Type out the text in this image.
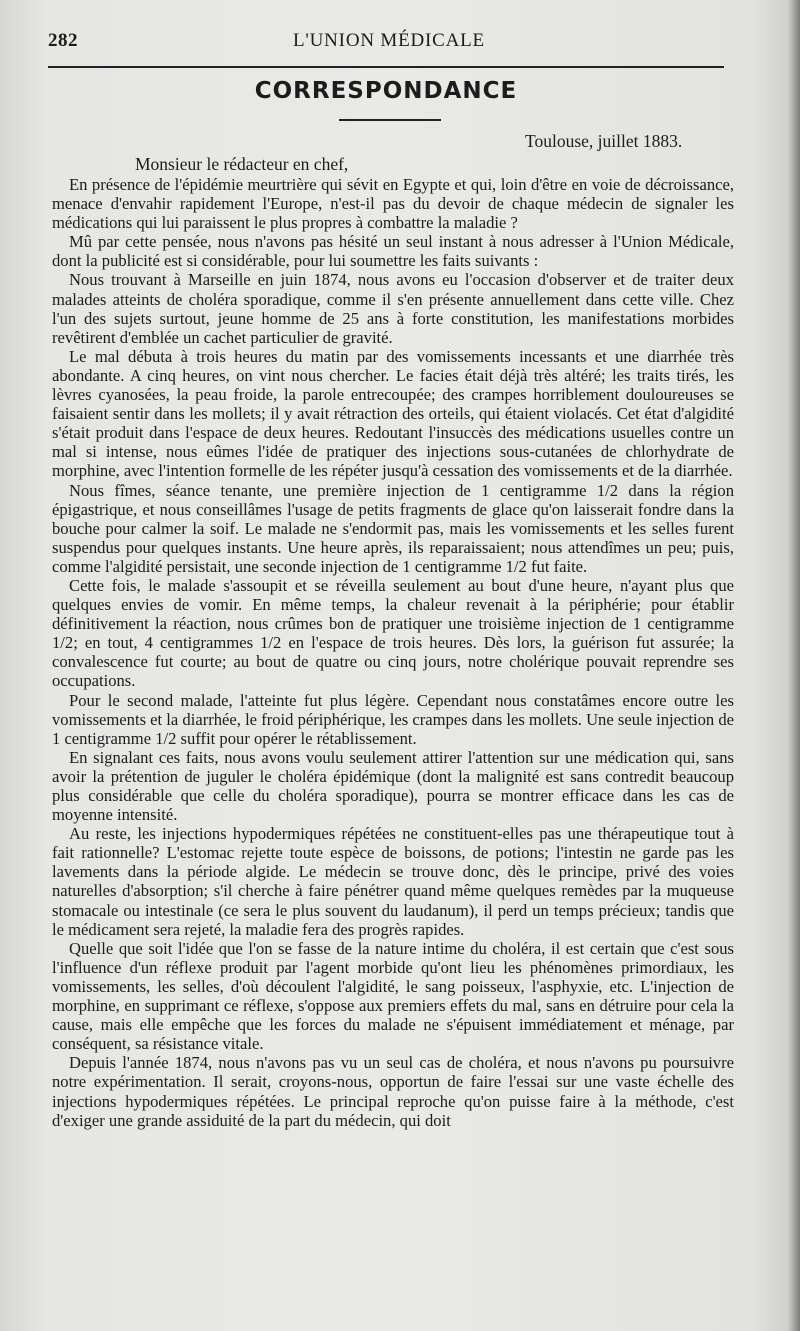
282	L'UNION MÉDICALE
CORRESPONDANCE
Toulouse, juillet 1883.
Monsieur le rédacteur en chef,

En présence de l'épidémie meurtrière qui sévit en Egypte et qui, loin d'être en voie de décroissance, menace d'envahir rapidement l'Europe, n'est-il pas du devoir de chaque médecin de signaler les médications qui lui paraissent le plus propres à combattre la maladie ?

Mû par cette pensée, nous n'avons pas hésité un seul instant à nous adresser à l'Union Médicale, dont la publicité est si considérable, pour lui soumettre les faits suivants :

Nous trouvant à Marseille en juin 1874, nous avons eu l'occasion d'observer et de traiter deux malades atteints de choléra sporadique, comme il s'en présente annuellement dans cette ville. Chez l'un des sujets surtout, jeune homme de 25 ans à forte constitution, les manifestations morbides revêtirent d'emblée un cachet particulier de gravité.

Le mal débuta à trois heures du matin par des vomissements incessants et une diarrhée très abondante. A cinq heures, on vint nous chercher. Le facies était déjà très altéré; les traits tirés, les lèvres cyanosées, la peau froide, la parole entrecoupée; des crampes horriblement douloureuses se faisaient sentir dans les mollets; il y avait rétraction des orteils, qui étaient violacés. Cet état d'algidité s'était produit dans l'espace de deux heures. Redoutant l'insuccès des médications usuelles contre un mal si intense, nous eûmes l'idée de pratiquer des injections sous-cutanées de chlorhydrate de morphine, avec l'intention formelle de les répéter jusqu'à cessation des vomissements et de la diarrhée.

Nous fîmes, séance tenante, une première injection de 1 centigramme 1/2 dans la région épigastrique, et nous conseillâmes l'usage de petits fragments de glace qu'on laisserait fondre dans la bouche pour calmer la soif. Le malade ne s'endormit pas, mais les vomissements et les selles furent suspendus pour quelques instants. Une heure après, ils reparaissaient; nous attendîmes un peu; puis, comme l'algidité persistait, une seconde injection de 1 centigramme 1/2 fut faite.

Cette fois, le malade s'assoupit et se réveilla seulement au bout d'une heure, n'ayant plus que quelques envies de vomir. En même temps, la chaleur revenait à la périphérie; pour établir définitivement la réaction, nous crûmes bon de pratiquer une troisième injection de 1 centigramme 1/2; en tout, 4 centigrammes 1/2 en l'espace de trois heures. Dès lors, la guérison fut assurée; la convalescence fut courte; au bout de quatre ou cinq jours, notre cholérique pouvait reprendre ses occupations.

Pour le second malade, l'atteinte fut plus légère. Cependant nous constatâmes encore outre les vomissements et la diarrhée, le froid périphérique, les crampes dans les mollets. Une seule injection de 1 centigramme 1/2 suffit pour opérer le rétablissement.

En signalant ces faits, nous avons voulu seulement attirer l'attention sur une médication qui, sans avoir la prétention de juguler le choléra épidémique (dont la malignité est sans contredit beaucoup plus considérable que celle du choléra sporadique), pourra se montrer efficace dans les cas de moyenne intensité.

Au reste, les injections hypodermiques répétées ne constituent-elles pas une thérapeutique tout à fait rationnelle? L'estomac rejette toute espèce de boissons, de potions; l'intestin ne garde pas les lavements dans la période algide. Le médecin se trouve donc, dès le principe, privé des voies naturelles d'absorption; s'il cherche à faire pénétrer quand même quelques remèdes par la muqueuse stomacale ou intestinale (ce sera le plus souvent du laudanum), il perd un temps précieux; tandis que le médicament sera rejeté, la maladie fera des progrès rapides.

Quelle que soit l'idée que l'on se fasse de la nature intime du choléra, il est certain que c'est sous l'influence d'un réflexe produit par l'agent morbide qu'ont lieu les phénomènes primordiaux, les vomissements, les selles, d'où découlent l'algidité, le sang poisseux, l'asphyxie, etc. L'injection de morphine, en supprimant ce réflexe, s'oppose aux premiers effets du mal, sans en détruire pour cela la cause, mais elle empêche que les forces du malade ne s'épuisent immédiatement et ménage, par conséquent, sa résistance vitale.

Depuis l'année 1874, nous n'avons pas vu un seul cas de choléra, et nous n'avons pu poursuivre notre expérimentation. Il serait, croyons-nous, opportun de faire l'essai sur une vaste échelle des injections hypodermiques répétées. Le principal reproche qu'on puisse faire à la méthode, c'est d'exiger une grande assiduité de la part du médecin, qui doit
